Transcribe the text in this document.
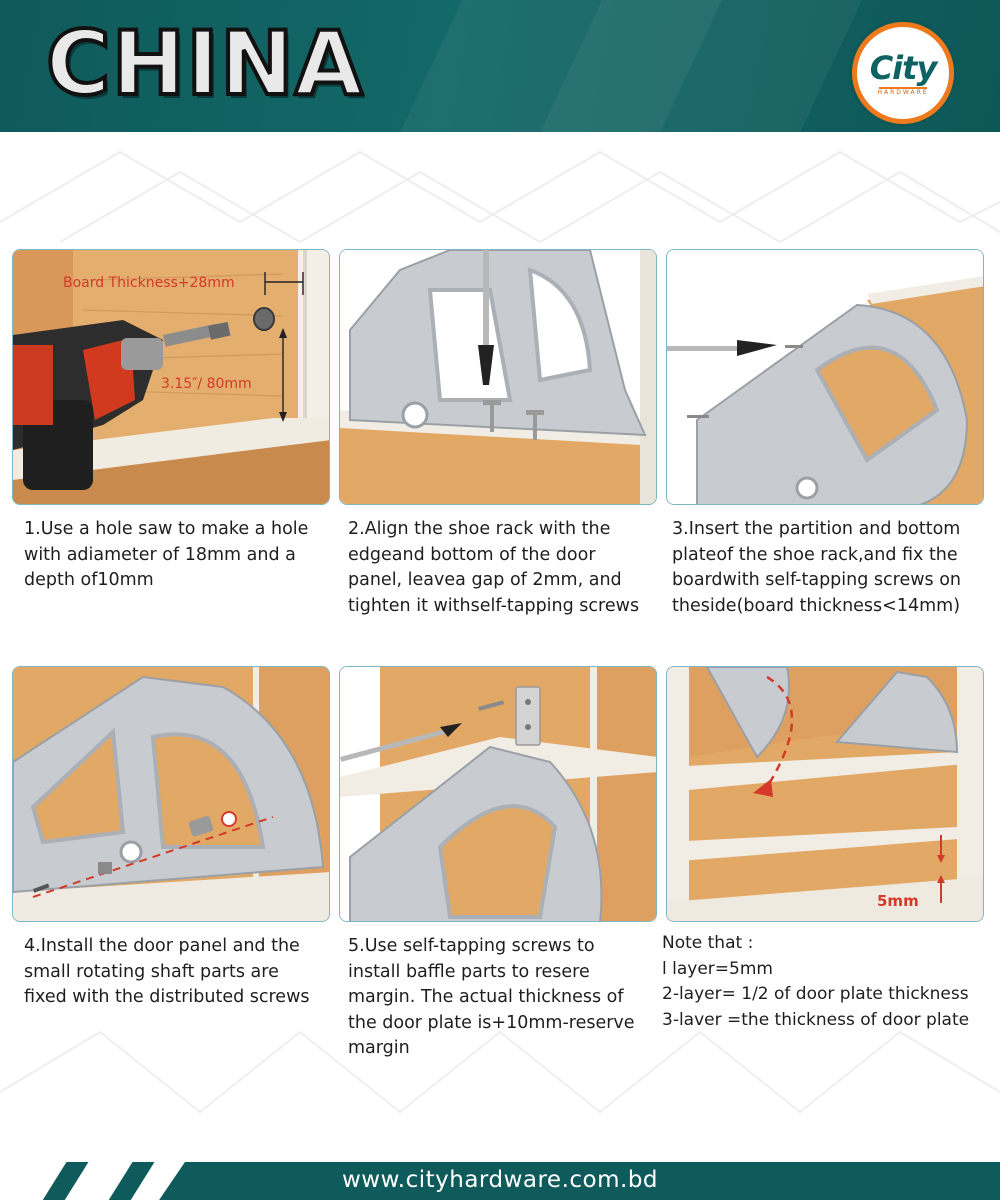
CHINA	City
HARDWARE
Board Thickness+28mm
3.15″/ 80mm
1.Use a hole saw to make a hole
with adiameter of 18mm and a
depth of10mm
2.Align the shoe rack with the
edgeand bottom of the door
panel, leavea gap of 2mm, and
tighten it withself-tapping screws
3.Insert the partition and bottom
plateof the shoe rack,and fix the
boardwith self-tapping screws on
theside(board thickness<14mm)
4.Install the door panel and the
small rotating shaft parts are
fixed with the distributed screws
5.Use self-tapping screws to
install baffle parts to resere
margin. The actual thickness of
the door plate is+10mm-reserve
margin
5mm
Note that :
l layer=5mm
2-layer= 1/2 of door plate thickness
3-laver =the thickness of door plate
www.cityhardware.com.bd
